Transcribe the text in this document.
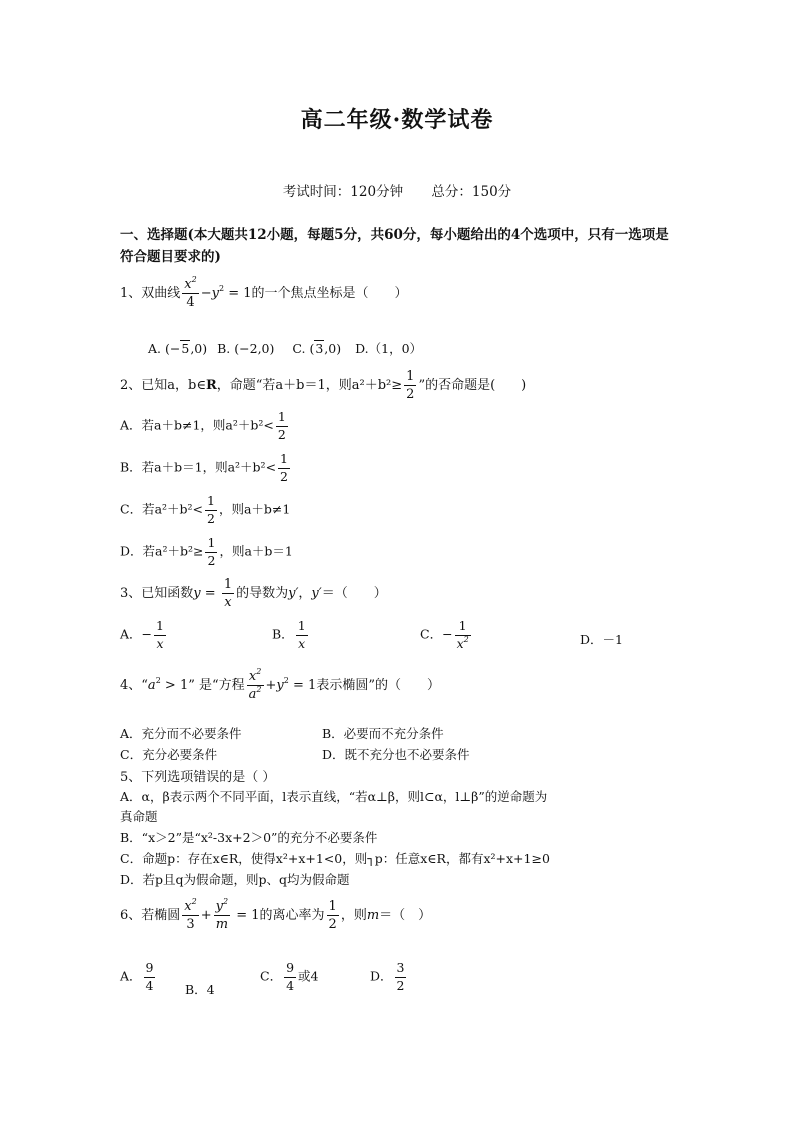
高二年级·数学试卷
考试时间：120分钟 总分：150分
一、选择题(本大题共12小题，每题5分，共60分，每小题给出的4个选项中，只有一选项是符合题目要求的)
1、双曲线 $\frac{x^2}{4} -y^2 = 1$的一个焦点坐标是（　　）
A. (−5,0) B. (−2,0) C. (3,0) D.（1，0）
2、已知a，b∈R，命题“若a＋b＝1，则$a^2+b^2\ge \frac{1}{2}$ ”的否命题是(　　)
A．若a＋b≠1，则$a^2+b^2< \frac{1}{2}$
B．若a＋b＝1，则$a^2+b^2< \frac{1}{2}$
C．若$a^2+b^2< \frac{1}{2}$ ，则a＋b≠1
D．若$a^2+b^2\ge \frac{1}{2}$ ，则a＋b＝1
3、已知函数$y = \frac{1}{x}$ 的导数为y′，y′＝（　　）
A．− $\frac{1}{x}$	B． $\frac{1}{x}$	C．− $\frac{1}{x^2}$	D．－1
4、“$a^2 > 1$” 是“方程 $\frac{x^2}{a^2} +y^2 = 1$表示椭圆”的（　　）
A．充分而不必要条件	B．必要而不充分条件
C．充分必要条件	D．既不充分也不必要条件
5、下列选项错误的是（ ）
A．α，β表示两个不同平面，l表示直线，“若α⊥β，则l⊂α，l⊥β”的逆命题为
真命题
B．“x＞2”是“x²-3x+2＞0”的充分不必要条件
C．命题p：存在x∈R，使得x²+x+1<0，则┐p：任意x∈R，都有x²+x+1≥0
D．若p且q为假命题，则p、q均为假命题
6、若椭圆 $\frac{x^2}{3} + \frac{y^2}{m} = 1$的离心率为 $\frac{1}{2}$ ，则m＝（　）
A． $\frac{9}{4}$ B．4
C． $\frac{9}{4}$ 或4	D． $\frac{3}{2}$
